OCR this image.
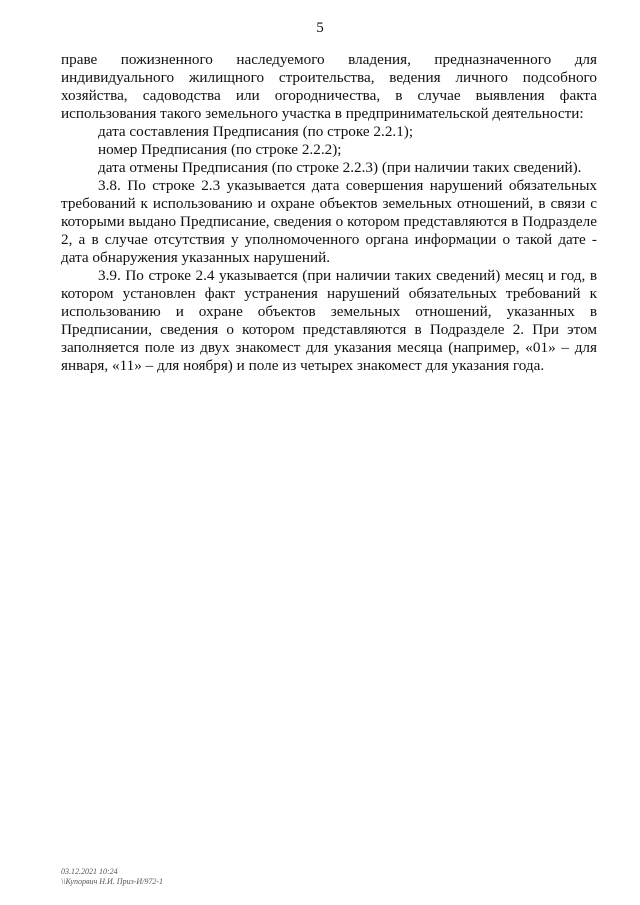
5

праве пожизненного наследуемого владения, предназначенного для индивидуального жилищного строительства, ведения личного подсобного хозяйства, садоводства или огородничества, в случае выявления факта использования такого земельного участка в предпринимательской деятельности:

дата составления Предписания (по строке 2.2.1);

номер Предписания (по строке 2.2.2);

дата отмены Предписания (по строке 2.2.3) (при наличии таких сведений).

3.8. По строке 2.3 указывается дата совершения нарушений обязательных требований к использованию и охране объектов земельных отношений, в связи с которыми выдано Предписание, сведения о котором представляются в Подразделе 2, а в случае отсутствия у уполномоченного органа информации о такой дате - дата обнаружения указанных нарушений.

3.9. По строке 2.4 указывается (при наличии таких сведений) месяц и год, в котором установлен факт устранения нарушений обязательных требований к использованию и охране объектов земельных отношений, указанных в Предписании, сведения о котором представляются в Подразделе 2. При этом заполняется поле из двух знакомест для указания месяца (например, «01» – для января, «11» – для ноября) и поле из четырех знакомест для указания года.

03.12.2021 10:24
\\Купорвич Н.И. Приз-И/972-1
